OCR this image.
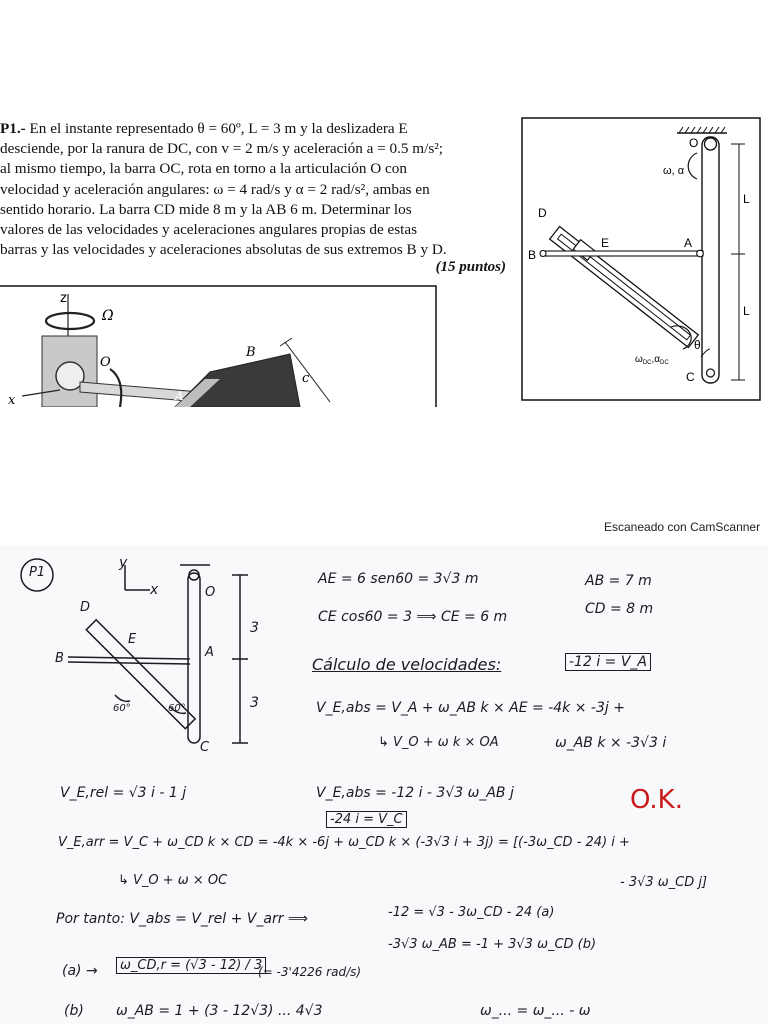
P1.- En el instante representado θ = 60º, L = 3 m y la deslizadera E
desciende, por la ranura de DC, con v = 2 m/s y aceleración a = 0.5 m/s²;
al mismo tiempo, la barra OC, rota en torno a la articulación O con
velocidad y aceleración angulares: ω = 4 rad/s y α = 2 rad/s², ambas en
sentido horario. La barra CD mide 8 m y la AB 6 m. Determinar los
valores de las velocidades y aceleraciones angulares propias de estas
barras y las velocidades y aceleraciones absolutas de sus extremos B y D.
(15 puntos)
z
Ω̇
O
B
A
c
x
O
ω, α
L
L
D
E	A
B
C
θ
$\omega_{DC},\alpha_{DC}$
Escaneado con CamScanner
P1
y
x
D
E
B	A
O
C
3
3
60°	60°
AE = 6 sen60 = 3√3 m
CE cos60 = 3 ⟹ CE = 6 m
AB = 7 m
CD = 8 m
Cálculo de velocidades:	-12 i = V_A
V_E,abs = V_A + ω_AB k × AE = -4k × -3j +
ω_AB k × -3√3 i
↳ V_O + ω k × OA
V_E,rel = √3 i - 1 j	V_E,abs = -12 i - 3√3 ω_AB j
-24 i = V_C
O.K.
V_E,arr = V_C + ω_CD k × CD = -4k × -6j + ω_CD k × (-3√3 i + 3j) = [(-3ω_CD - 24) i +
↳ V_O + ω × OC	- 3√3 ω_CD j]
Por tanto: V_abs = V_rel + V_arr ⟹	-12 = √3 - 3ω_CD - 24 (a)
-3√3 ω_AB = -1 + 3√3 ω_CD (b)
(a) →	ω_CD,r = (√3 - 12) / 3
(= -3'4226 rad/s)
(b) ω_AB = 1 + (3 - 12√3) ... 4√3	ω_... = ω_... - ω
